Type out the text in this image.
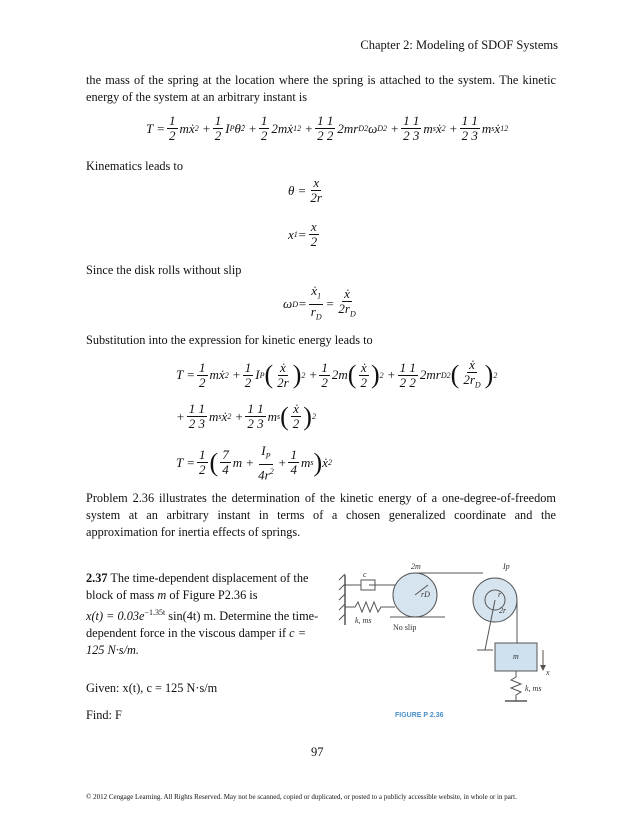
Chapter 2: Modeling of SDOF Systems
the mass of the spring at the location where the spring is attached to the system. The kinetic energy of the system at an arbitrary instant is
$T = \frac{1}{2}$ mẋ $2 + \frac{1}{2}$ I P θ̇ $2 + \frac{1}{2}$ 2mẋ 1 $2 + \frac{1 1}{2 2} 2mr$ D 2 ω D $2 + \frac{1 1}{2 3}$ m s ẋ $2 + \frac{1 1}{2 3}$ m s ẋ 1 2
Kinematics leads to
$\theta = \frac{x}{2r}$
x $1 = \frac{x}{2}$
Since the disk rolls without slip
ω $D = \frac{ẋ_1}{r_D} = \frac{\text{ẋ}}{2r_D}$
Substitution into the expression for kinetic energy leads to
$T = \frac{1}{2}$ mẋ $2 + \frac{1}{2}$ I P ( $\frac{\text{ẋ}}{2r}$ ) $2 + \frac{1}{2} 2m$ ( $\frac{\text{ẋ}}{2}$ ) $2 + \frac{1 1}{2 2} 2mr$ D 2 ( $\frac{\text{ẋ}}{2r_D}$ ) 2
+ $\frac{1 1}{2 3}$ m s ẋ $2 + \frac{1 1}{2 3}$ m s ( $\frac{\text{ẋ}}{2}$ ) 2
$T = \frac{1}{2}$ ( $\frac{7}{4}$ $m + \frac{I_P}{4r^2} + \frac{1}{4}$ m s ) ẋ 2
Problem 2.36 illustrates the determination of the kinetic energy of a one-degree-of-freedom system at an arbitrary instant in terms of a chosen generalized coordinate and the approximation for inertia effects of springs.
2.37 The time-dependent displacement of the block of mass m of Figure P2.36 is
$x(t) = 0.03e^{-1.35t}$ sin(4t) m. Determine the time-dependent force in the viscous damper if c = 125 N·s/m.
Given: x(t), c = 125 N·s/m
Find: F
c
k, ms
No slip
2m
rD
Ip
r
2r
m
k, ms
x
FIGURE P 2.36
97
© 2012 Cengage Learning. All Rights Reserved. May not be scanned, copied or duplicated, or posted to a publicly accessible website, in whole or in part.
